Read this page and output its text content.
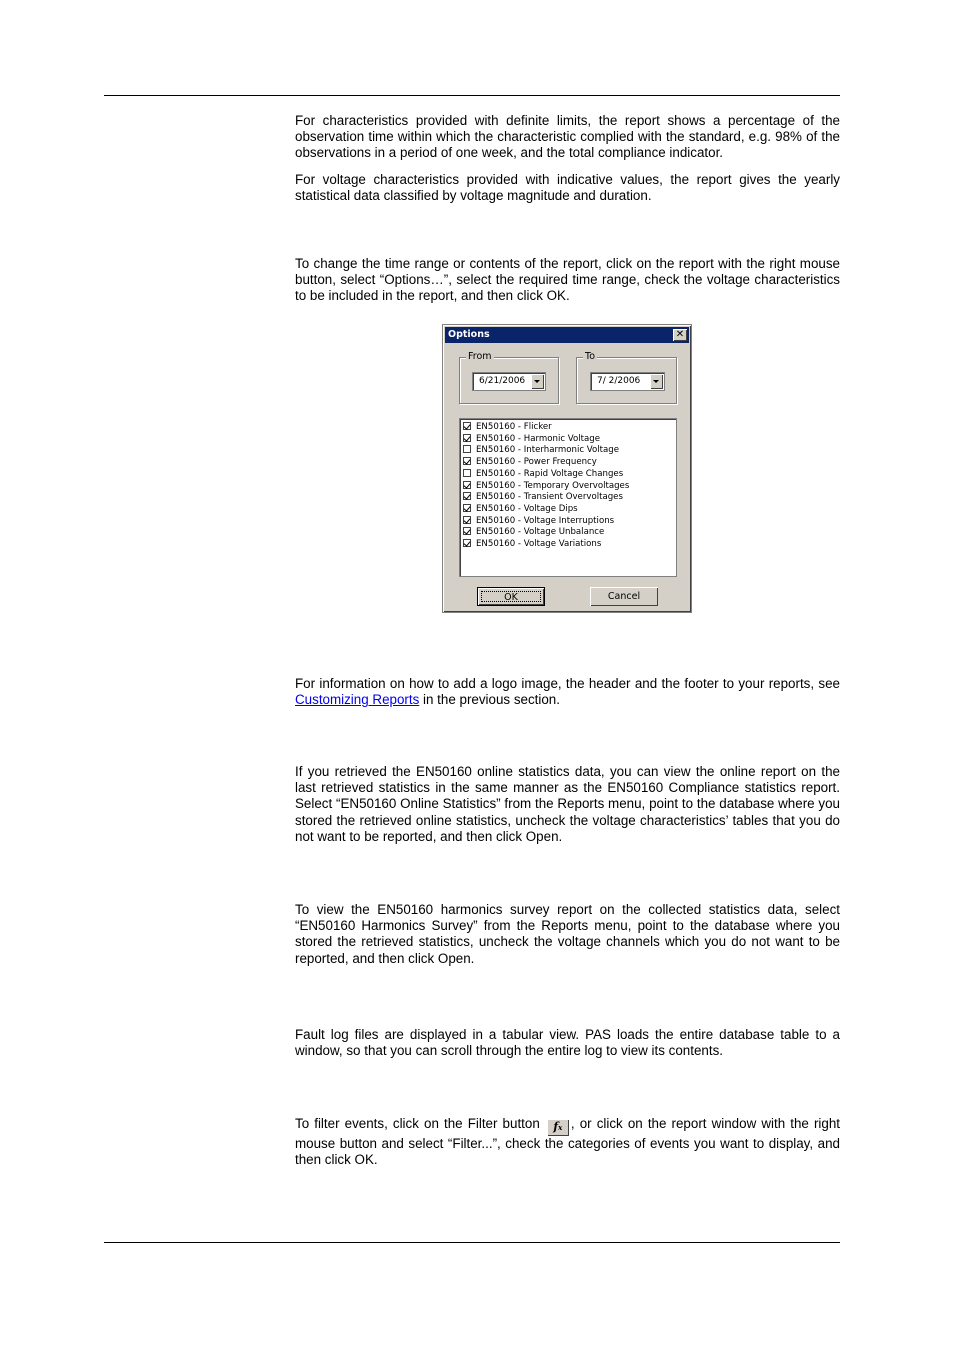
For characteristics provided with definite limits, the report shows a percentage of the observation time within which the characteristic complied with the standard, e.g. 98% of the observations in a period of one week, and the total compliance indicator.

For voltage characteristics provided with indicative values, the report gives the yearly statistical data classified by voltage magnitude and duration.

To change the time range or contents of the report, click on the report with the right mouse button, select “Options…”, select the required time range, check the voltage characteristics to be included in the report, and then click OK.

Options	✕
From
6/21/2006
To
7/ 2/2006
EN50160 - Flicker
EN50160 - Harmonic Voltage
EN50160 - Interharmonic Voltage
EN50160 - Power Frequency
EN50160 - Rapid Voltage Changes
EN50160 - Temporary Overvoltages
EN50160 - Transient Overvoltages
EN50160 - Voltage Dips
EN50160 - Voltage Interruptions
EN50160 - Voltage Unbalance
EN50160 - Voltage Variations
OK	Cancel

For information on how to add a logo image, the header and the footer to your reports, see Customizing Reports in the previous section.

If you retrieved the EN50160 online statistics data, you can view the online report on the last retrieved statistics in the same manner as the EN50160 Compliance statistics report. Select “EN50160 Online Statistics” from the Reports menu, point to the database where you stored the retrieved online statistics, uncheck the voltage characteristics’ tables that you do not want to be reported, and then click Open.

To view the EN50160 harmonics survey report on the collected statistics data, select “EN50160 Harmonics Survey” from the Reports menu, point to the database where you stored the retrieved statistics, uncheck the voltage channels which you do not want to be reported, and then click Open.

Fault log files are displayed in a tabular view. PAS loads the entire database table to a window, so that you can scroll through the entire log to view its contents.

To filter events, click on the Filter button fx , or click on the report window with the right mouse button and select “Filter...”, check the categories of events you want to display, and then click OK.
